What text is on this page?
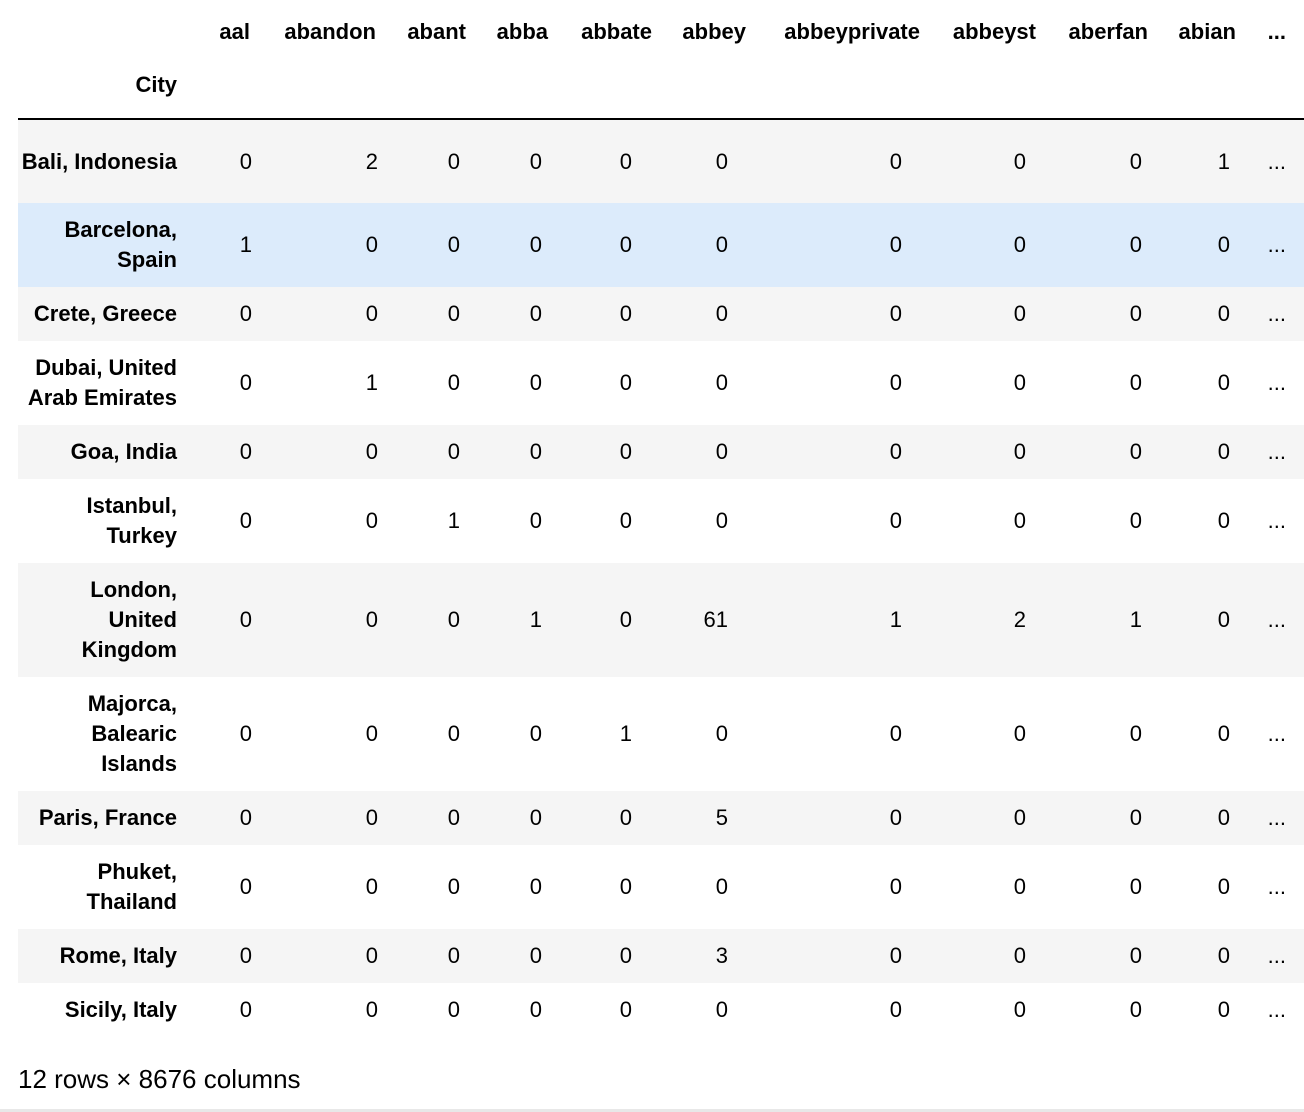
	aal	abandon	abant	abba	abbate	abbey	abbeyprivate	abbeyst	aberfan	abian	...
City											
Bali, Indonesia	0	2	0	0	0	0	0	0	0	1	...
Barcelona, Spain	1	0	0	0	0	0	0	0	0	0	...
Crete, Greece	0	0	0	0	0	0	0	0	0	0	...
Dubai, United Arab Emirates	0	1	0	0	0	0	0	0	0	0	...
Goa, India	0	0	0	0	0	0	0	0	0	0	...
Istanbul, Turkey	0	0	1	0	0	0	0	0	0	0	...
London, United Kingdom	0	0	0	1	0	61	1	2	1	0	...
Majorca, Balearic Islands	0	0	0	0	1	0	0	0	0	0	...
Paris, France	0	0	0	0	0	5	0	0	0	0	...
Phuket, Thailand	0	0	0	0	0	0	0	0	0	0	...
Rome, Italy	0	0	0	0	0	3	0	0	0	0	...
Sicily, Italy	0	0	0	0	0	0	0	0	0	0	...
12 rows × 8676 columns
